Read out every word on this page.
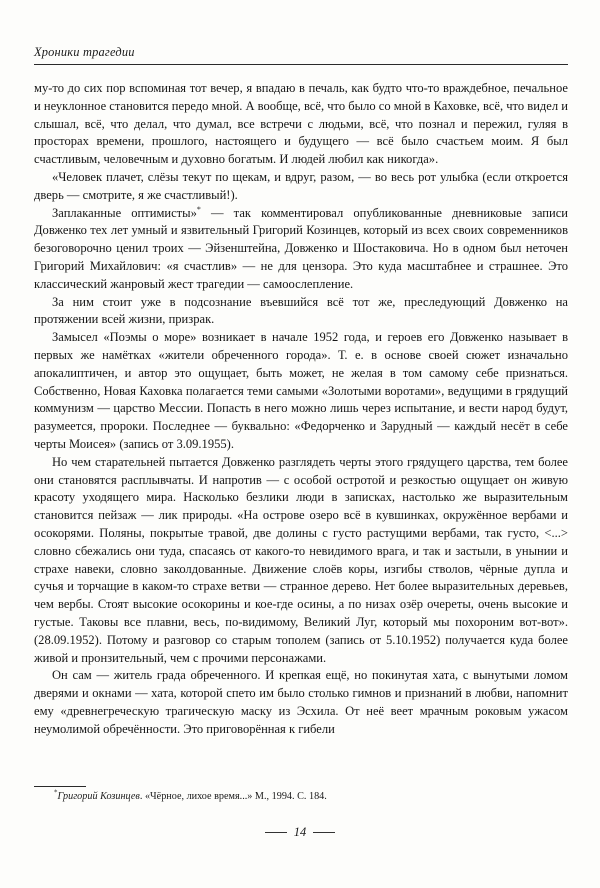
Хроники трагедии

му-то до сих пор вспоминая тот вечер, я впадаю в печаль, как будто что-то враждебное, печальное и неуклонное становится передо мной. А вообще, всё, что было со мной в Каховке, всё, что видел и слышал, всё, что делал, что думал, все встречи с людьми, всё, что познал и пережил, гуляя в просторах времени, прошлого, настоящего и будущего — всё было счастьем моим. Я был счастливым, человечным и духовно богатым. И людей любил как никогда».

«Человек плачет, слёзы текут по щекам, и вдруг, разом, — во весь рот улыбка (если откроется дверь — смотрите, я же счастливый!).

Заплаканные оптимисты»* — так комментировал опубликованные дневниковые записи Довженко тех лет умный и язвительный Григорий Козинцев, который из всех своих современников безоговорочно ценил троих — Эйзенштейна, Довженко и Шостаковича. Но в одном был неточен Григорий Михайлович: «я счастлив» — не для цензора. Это куда масштабнее и страшнее. Это классический жанровый жест трагедии — самоослепление.

За ним стоит уже в подсознание въевшийся всё тот же, преследующий Довженко на протяжении всей жизни, призрак.

Замысел «Поэмы о море» возникает в начале 1952 года, и героев его Довженко называет в первых же намётках «жители обреченного города». Т. е. в основе своей сюжет изначально апокалиптичен, и автор это ощущает, быть может, не желая в том самому себе признаться. Собственно, Новая Каховка полагается теми самыми «Золотыми воротами», ведущими в грядущий коммунизм — царство Мессии. Попасть в него можно лишь через испытание, и вести народ будут, разумеется, пророки. Последнее — буквально: «Федорченко и Зарудный — каждый несёт в себе черты Моисея» (запись от 3.09.1955).

Но чем старательней пытается Довженко разглядеть черты этого грядущего царства, тем более они становятся расплывчаты. И напротив — с особой остротой и резкостью ощущает он живую красоту уходящего мира. Насколько безлики люди в записках, настолько же выразительным становится пейзаж — лик природы. «На острове озеро всё в кувшинках, окружённое вербами и осокорями. Поляны, покрытые травой, две долины с густо растущими вербами, так густо, <...> словно сбежались они туда, спасаясь от какого-то невидимого врага, и так и застыли, в унынии и страхе навеки, словно заколдованные. Движение слоёв коры, изгибы стволов, чёрные дупла и сучья и торчащие в каком-то страхе ветви — странное дерево. Нет более выразительных деревьев, чем вербы. Стоят высокие осокорины и кое-где осины, а по низах озёр очереты, очень высокие и густые. Таковы все плавни, весь, по-видимому, Великий Луг, который мы похороним вот-вот». (28.09.1952). Потому и разговор со старым тополем (запись от 5.10.1952) получается куда более живой и пронзительный, чем с прочими персонажами.

Он сам — житель града обреченного. И крепкая ещё, но покинутая хата, с вынутыми ломом дверями и окнами — хата, которой спето им было столько гимнов и признаний в любви, напомнит ему «древнегреческую трагическую маску из Эсхила. От неё веет мрачным роковым ужасом неумолимой обречённости. Это приговорённая к гибели

*Григорий Козинцев. «Чёрное, лихое время...» М., 1994. С. 184.
14
